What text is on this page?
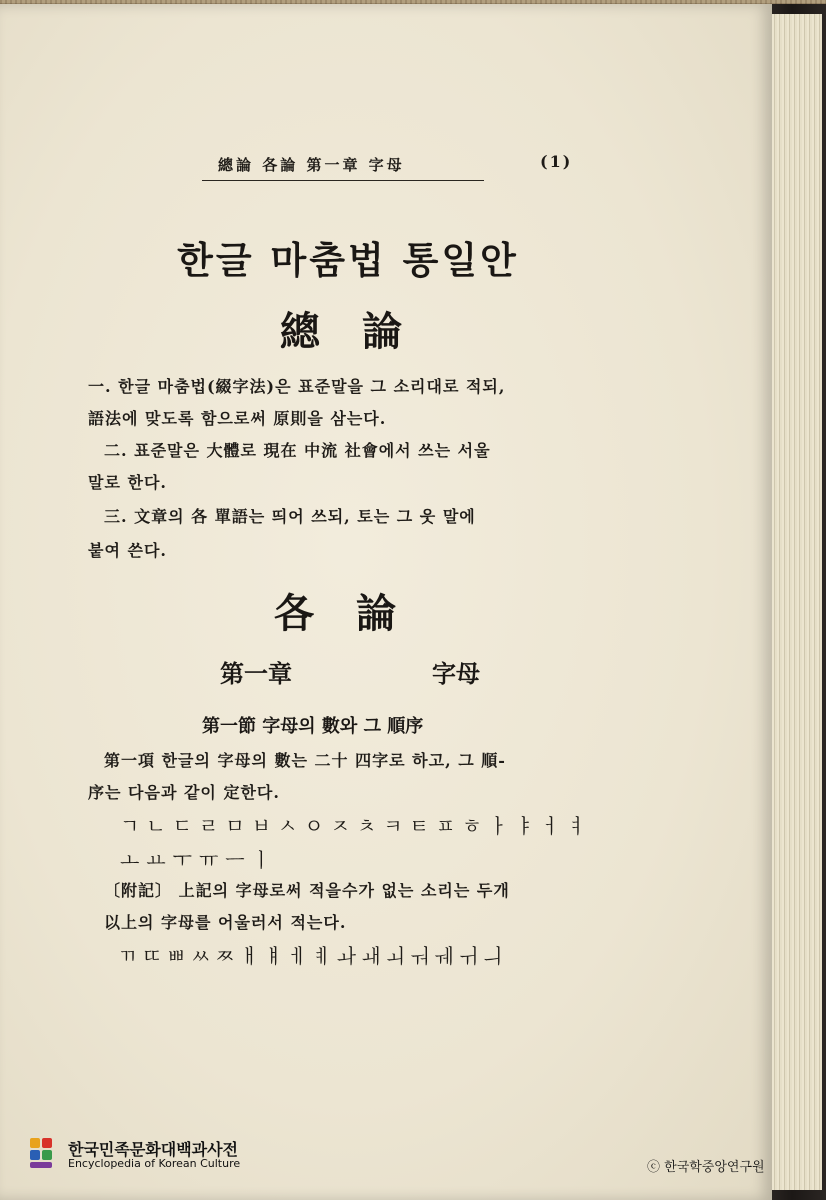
總論 各論 第一章 字母	(1)
한글 마춤법 통일안
總 論
一. 한글 마춤법(綴字法)은 표준말을 그 소리대로 적되,
語法에 맞도록 함으로써 原則을 삼는다.
二. 표준말은 大體로 現在 中流 社會에서 쓰는 서울
말로 한다.
三. 文章의 各 單語는 띄어 쓰되, 토는 그 웃 말에
붙여 쓴다.
各 論
第一章	字母
第一節 字母의 數와 그 順序
第一項 한글의 字母의 數는 二十 四字로 하고, 그 順-
序는 다음과 같이 定한다.
ㄱㄴㄷㄹㅁㅂㅅㅇㅈㅊㅋㅌㅍㅎㅏㅑㅓㅕ
ㅗㅛㅜㅠㅡㅣ
〔附記〕 上記의 字母로써 적을수가 없는 소리는 두개
以上의 字母를 어울러서 적는다.
ㄲㄸㅃㅆㅉㅐㅒㅔㅖㅘㅙㅚㅝㅞㅟㅢ
한국민족문화대백과사전
Encyclopedia of Korean Culture	ⓒ 한국학중앙연구원
